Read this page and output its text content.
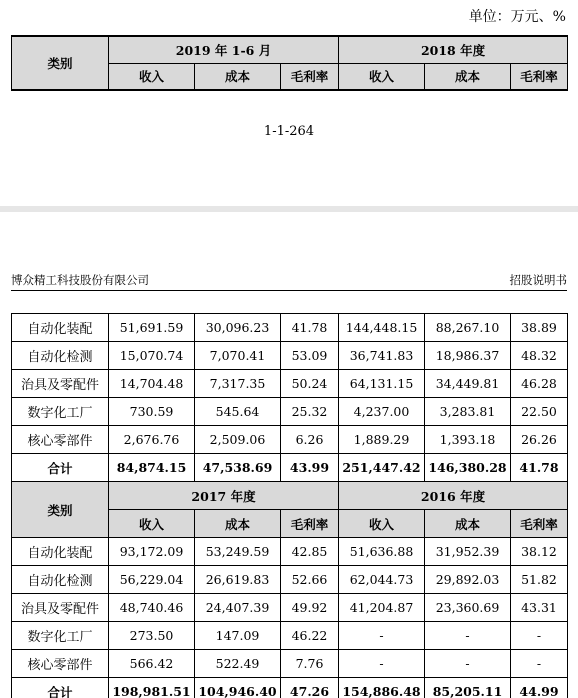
单位：万元、%
类别	2019 年 1-6 月			2018 年度		
	收入	成本	毛利率	收入	成本	毛利率
1-1-264
博众精工科技股份有限公司	招股说明书
自动化装配	51,691.59	30,096.23	41.78	144,448.15	88,267.10	38.89
自动化检测	15,070.74	7,070.41	53.09	36,741.83	18,986.37	48.32
治具及零配件	14,704.48	7,317.35	50.24	64,131.15	34,449.81	46.28
数字化工厂	730.59	545.64	25.32	4,237.00	3,283.81	22.50
核心零部件	2,676.76	2,509.06	6.26	1,889.29	1,393.18	26.26
合计	84,874.15	47,538.69	43.99	251,447.42	146,380.28	41.78
类别	2017 年度			2016 年度		
	收入	成本	毛利率	收入	成本	毛利率
自动化装配	93,172.09	53,249.59	42.85	51,636.88	31,952.39	38.12
自动化检测	56,229.04	26,619.83	52.66	62,044.73	29,892.03	51.82
治具及零配件	48,740.46	24,407.39	49.92	41,204.87	23,360.69	43.31
数字化工厂	273.50	147.09	46.22	-	-	-
核心零部件	566.42	522.49	7.76	-	-	-
合计	198,981.51	104,946.40	47.26	154,886.48	85,205.11	44.99
